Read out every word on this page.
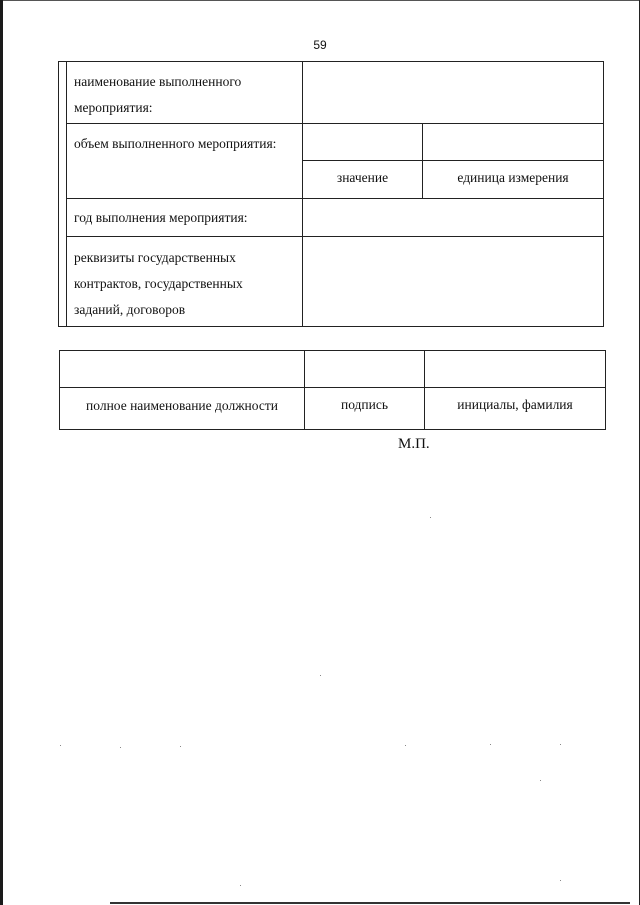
59
наименование выполненного мероприятия:
объем выполненного мероприятия:
значение	единица измерения
год выполнения мероприятия:
реквизиты государственных контрактов, государственных заданий, договоров
полное наименование должности	подпись	инициалы, фамилия
М.П.
